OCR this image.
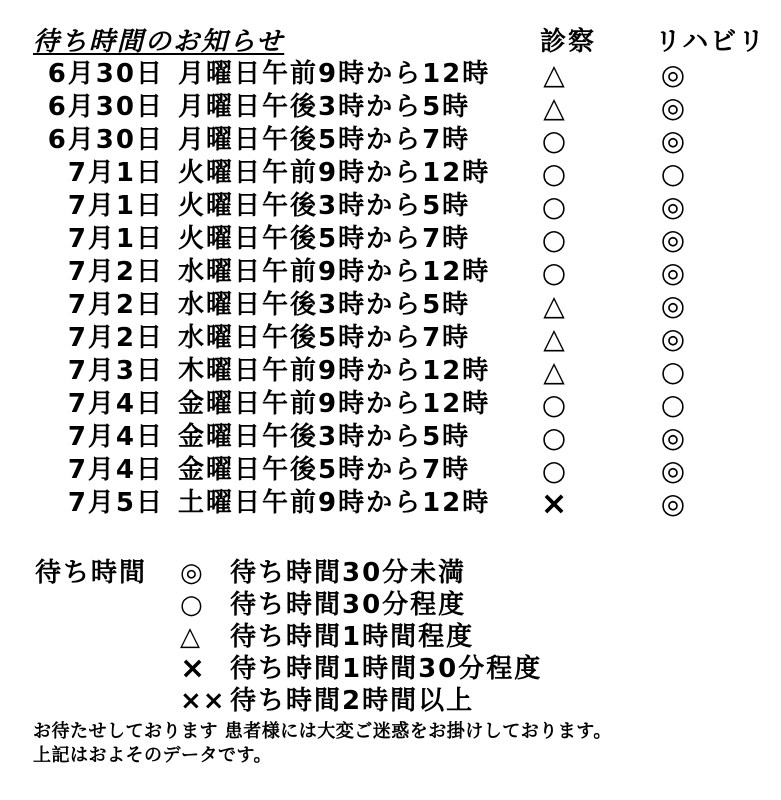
待ち時間のお知らせ	診察 リハビリ
6月30日 月曜日午前9時から12時	△	◎
6月30日 月曜日午後3時から5時	△	◎
6月30日 月曜日午後5時から7時	○	◎
7月1日 火曜日午前9時から12時	○	○
7月1日 火曜日午後3時から5時	○	◎
7月1日 火曜日午後5時から7時	○	◎
7月2日 水曜日午前9時から12時	○	◎
7月2日 水曜日午後3時から5時	△	◎
7月2日 水曜日午後5時から7時	△	◎
7月3日 木曜日午前9時から12時	△	○
7月4日 金曜日午前9時から12時	○	○
7月4日 金曜日午後3時から5時	○	◎
7月4日 金曜日午後5時から7時	○	◎
7月5日 土曜日午前9時から12時	×	◎
待ち時間 ◎	待ち時間30分未満
○	待ち時間30分程度
△	待ち時間1時間程度
× 待ち時間1時間30分程度
×× 待ち時間2時間以上
お待たせしております 患者様には大変ご迷惑をお掛けしております。
上記はおよそのデータです。
